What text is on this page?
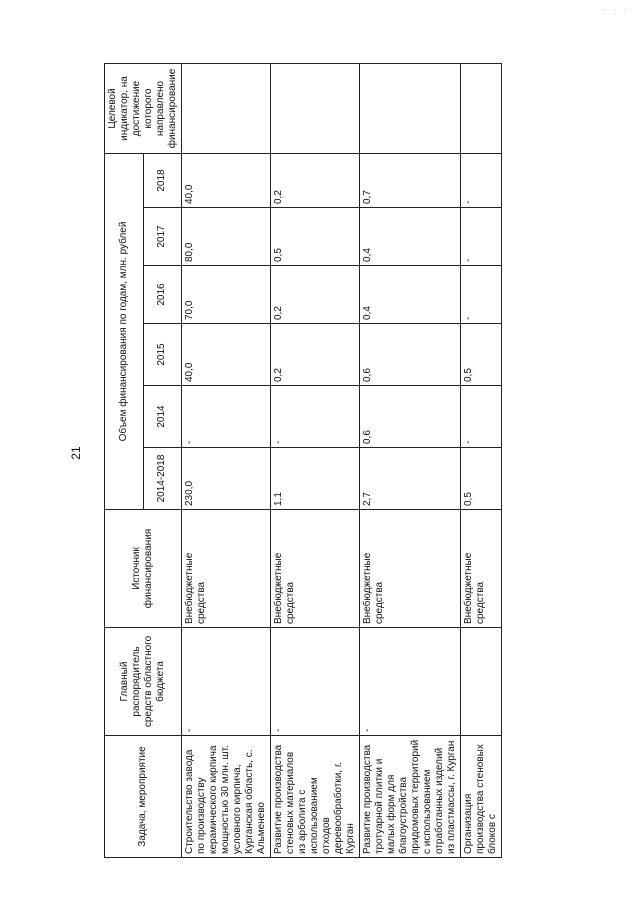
21
. . .
Задача, мероприятие	Главный распорядитель средств областного бюджета	Источник финансирования	Объем финансирования по годам, млн. рублей						Целевой индикатор, на достижение которого направлено финансирование
			2014-2018	2014	2015	2016	2017	2018	
Строительство завода по производству керамического кирпича мощностью 30 млн. шт. условного кирпича, Курганская область, с. Альменево	-	Внебюджетные средства	230,0	-	40,0	70,0	80,0	40,0	
Развитие производства стеновых материалов из арболита с использованием отходов деревообработки, г. Курган	-	Внебюджетные средства	1,1	-	0,2	0,2	0,5	0,2	
Развитие производства тротуарной плитки и малых форм для благоустройства придомовых территорий с использованием отработанных изделий из пластмассы, г. Курган	-	Внебюджетные средства	2,7	0,6	0,6	0,4	0,4	0,7	
Организация производства стеновых блоков с		Внебюджетные средства	0,5	-	0,5	-	-	-	
